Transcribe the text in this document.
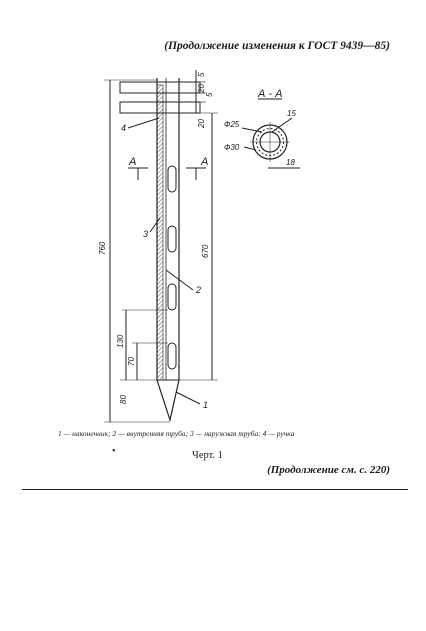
(Продолжение изменения к ГОСТ 9439—85)
А	А
А - А
760
5
20
5
20
670
130
70
80
15
Ф25
Ф30
18
4
3
2
1
1 — наконечник; 2 — внутренняя труба; 3 — наружная труба; 4 — ручка
•	Черт. 1
(Продолжение см. с. 220)
